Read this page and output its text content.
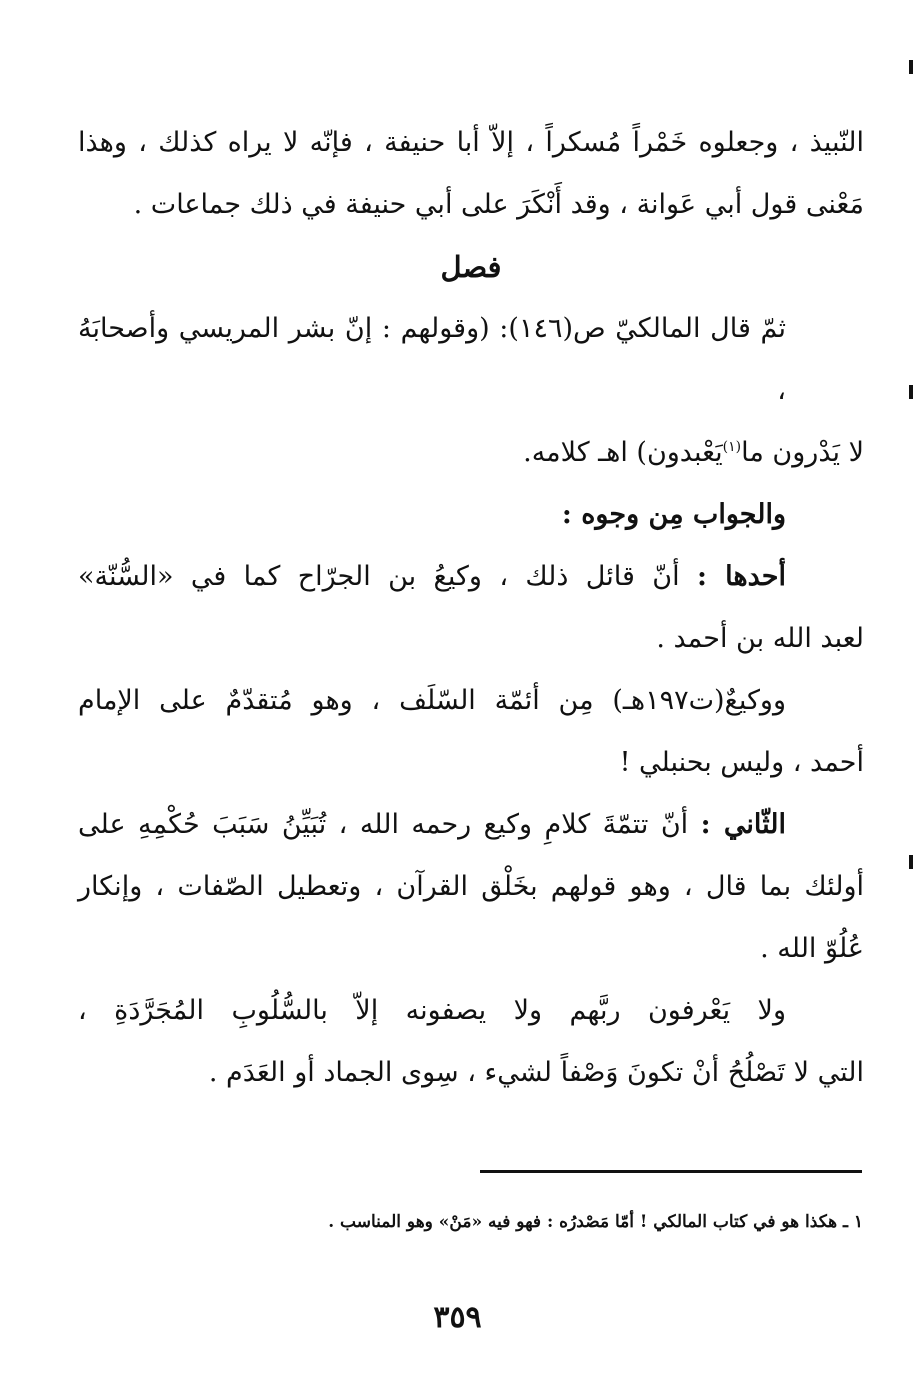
النّبيذ ، وجعلوه خَمْراً مُسكراً ، إلاّ أبا حنيفة ، فإنّه لا يراه كذلك ، وهذا

مَعْنى قول أبي عَوانة ، وقد أَنْكَرَ على أبي حنيفة في ذلك جماعات .

فصل

ثمّ قال المالكيّ ص(١٤٦): (وقولهم : إنّ بشر المريسي وأصحابَهُ ،

لا يَدْرون ما$^{(١)}$يَعْبدون) اهـ كلامه.

والجواب مِن وجوه :

أحدها : أنّ قائل ذلك ، وكيعُ بن الجرّاح كما في «السُّنّة»

لعبد الله بن أحمد .

ووكيعٌ(ت١٩٧هـ) مِن أئمّة السّلَف ، وهو مُتقدّمٌ على الإمام

أحمد ، وليس بحنبلي !

الثّاني : أنّ تتمّةَ كلامِ وكيع رحمه الله ، تُبَيِّنُ سَبَبَ حُكْمِهِ على

أولئك بما قال ، وهو قولهم بخَلْق القرآن ، وتعطيل الصّفات ، وإنكار

عُلُوّ الله .

ولا يَعْرفون ربَّهم ولا يصفونه إلاّ بالسُّلُوبِ المُجَرَّدَةِ ،

التي لا تَصْلُحُ أنْ تكونَ وَصْفاً لشيء ، سِوى الجماد أو العَدَم .

١ ـ هكذا هو في كتاب المالكي ! أمّا مَصْدرُه : فهو فيه «مَنْ» وهو المناسب .
٣٥٩
